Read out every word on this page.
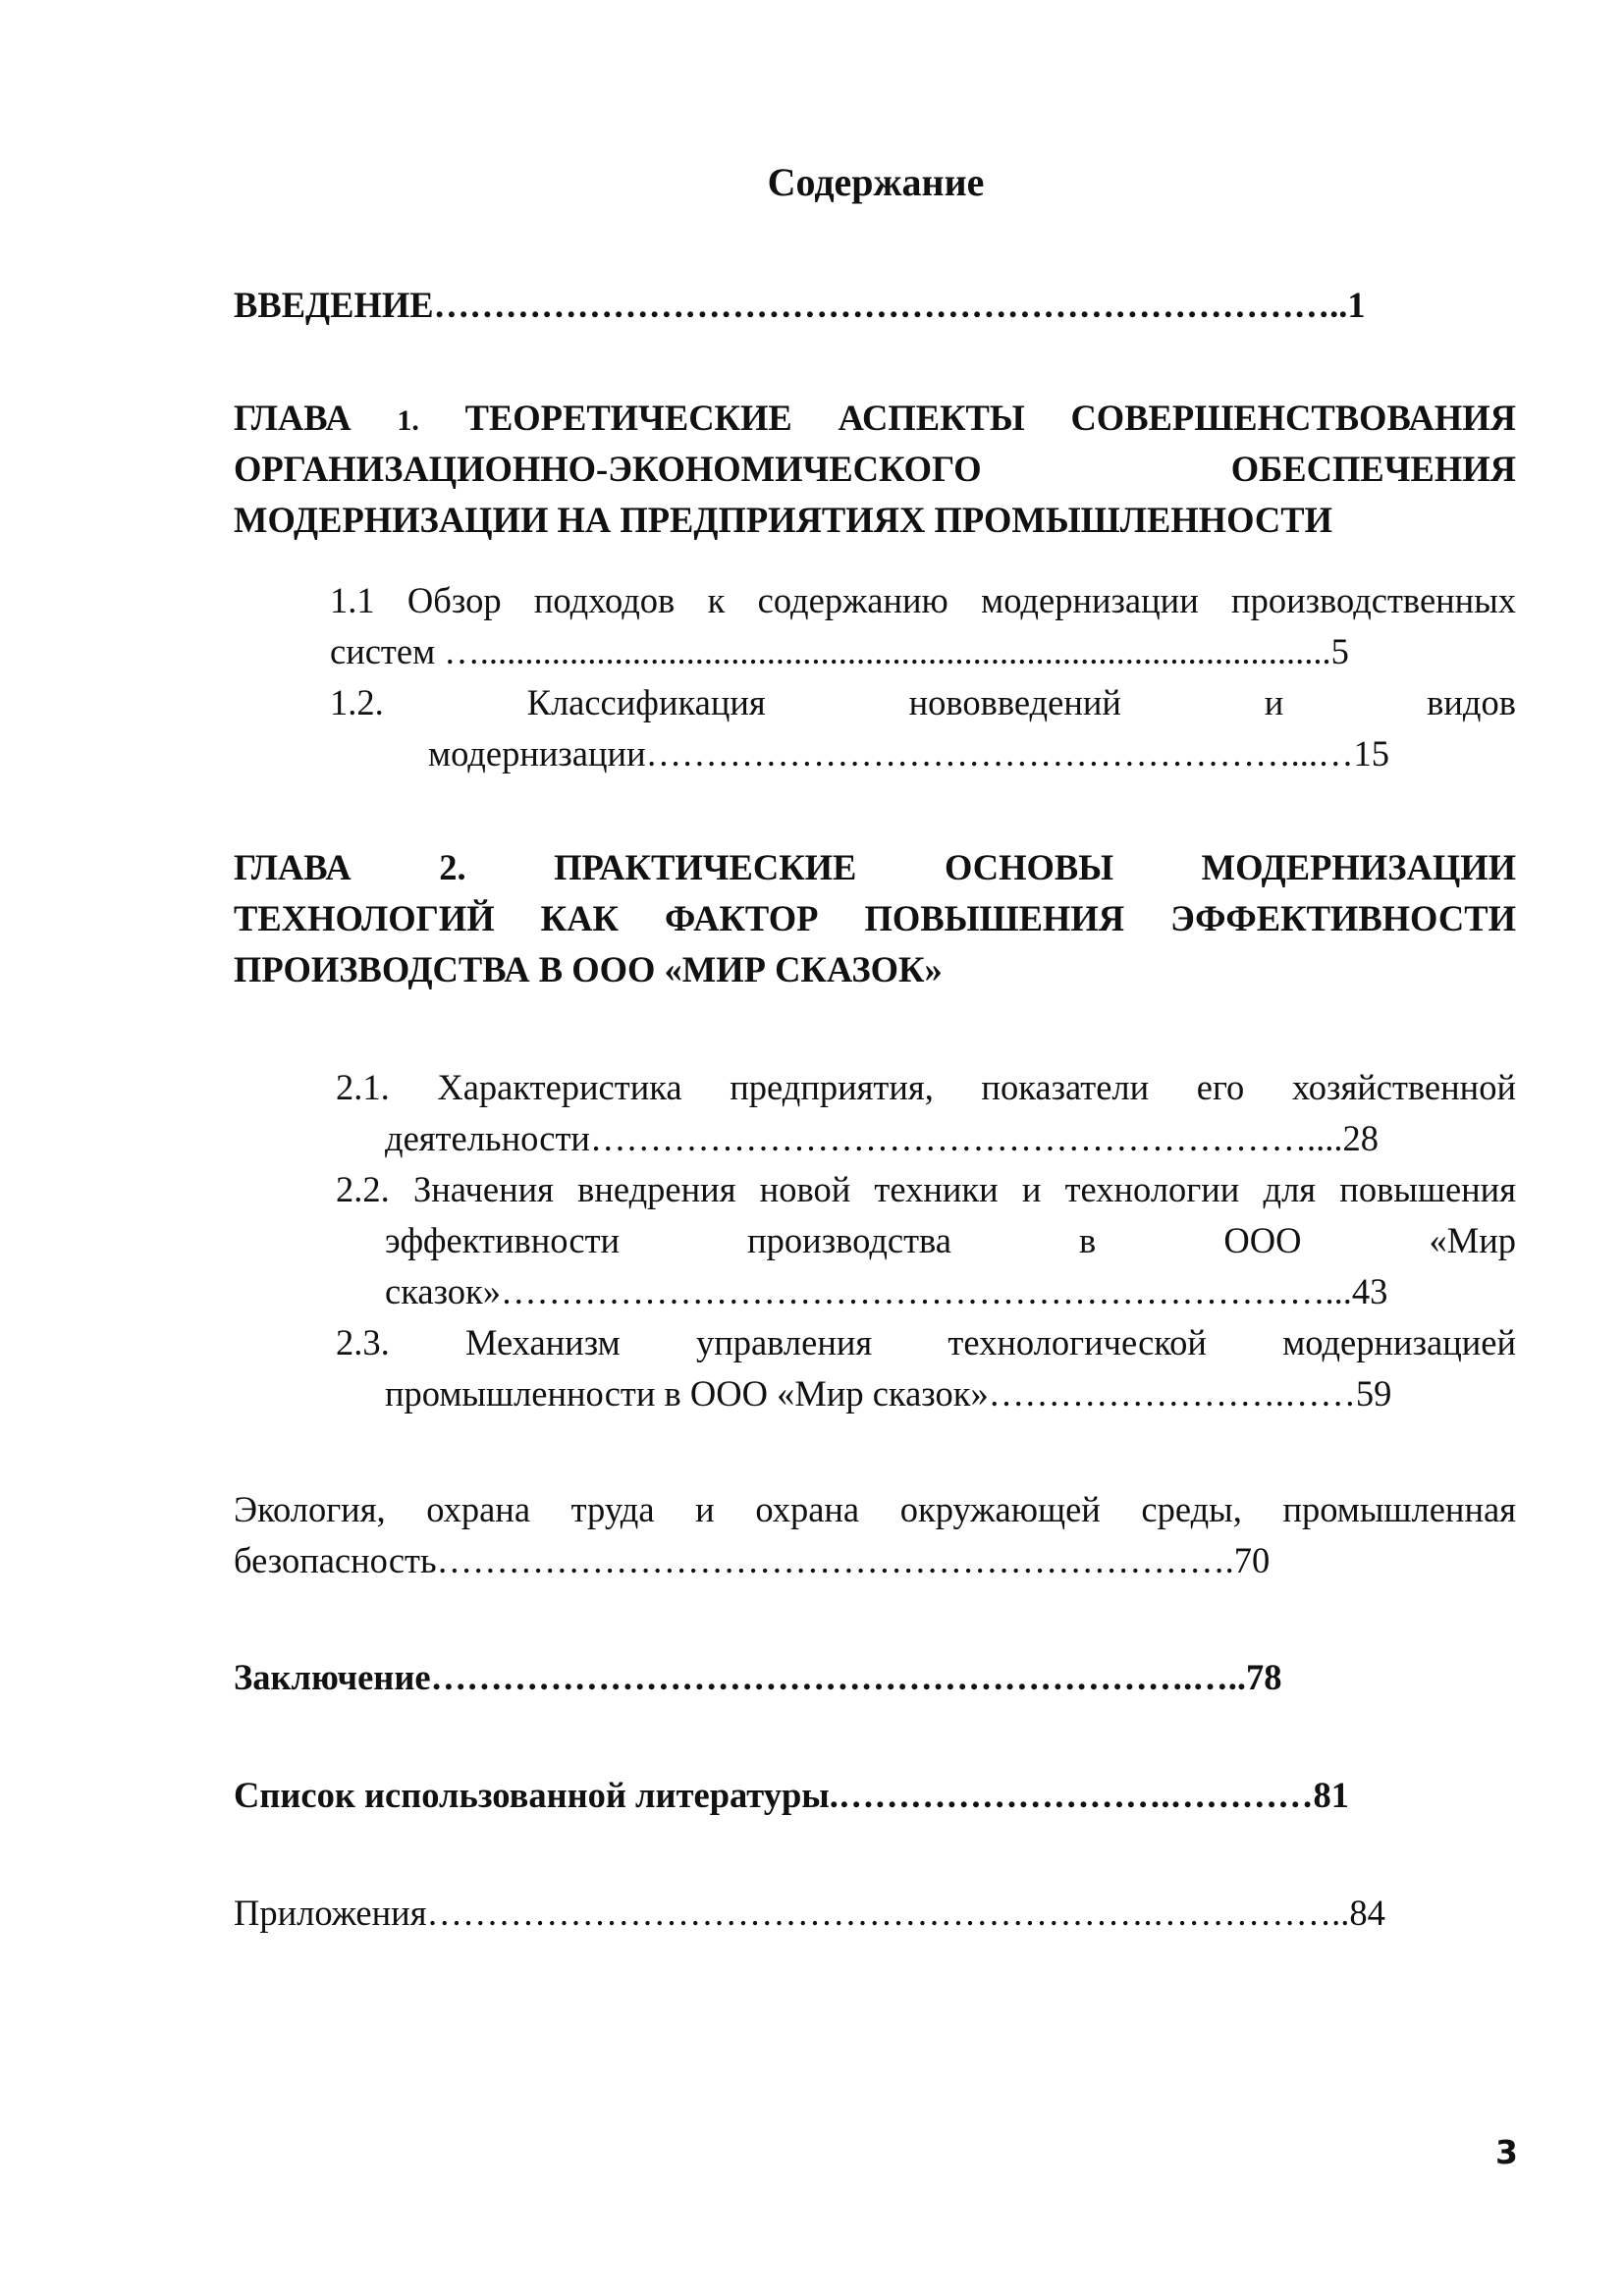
Содержание
ВВЕДЕНИЕ…………………………………………………………………..1
ГЛАВА 1. ТЕОРЕТИЧЕСКИЕ АСПЕКТЫ СОВЕРШЕНСТВОВАНИЯ
ОРГАНИЗАЦИОННО-ЭКОНОМИЧЕСКОГО ОБЕСПЕЧЕНИЯ
МОДЕРНИЗАЦИИ НА ПРЕДПРИЯТИЯХ ПРОМЫШЛЕННОСТИ
1.1 Обзор подходов к содержанию модернизации производственных
систем …...............................................................................................5
1.2. Классификация нововведений и видов
модернизации………………………………………………...…15
ГЛАВА 2. ПРАКТИЧЕСКИЕ ОСНОВЫ МОДЕРНИЗАЦИИ
ТЕХНОЛОГИЙ КАК ФАКТОР ПОВЫШЕНИЯ ЭФФЕКТИВНОСТИ
ПРОИЗВОДСТВА В ООО «МИР СКАЗОК»
2.1. Характеристика предприятия, показатели его хозяйственной
деятельности……………………………………………………....28
2.2. Значения внедрения новой техники и технологии для повышения
эффективности производства в ООО «Мир
сказок»……………………………………………………………...43
2.3. Механизм управления технологической модернизацией
промышленности в ООО «Мир сказок»…………………….……59
Экология, охрана труда и охрана окружающей среды, промышленная
безопасность………………………………………………………….70
Заключение……………………………………………………….…..78
Список использованной литературы.……………………….…………81
Приложения…………………………………………………….……………..84
3
